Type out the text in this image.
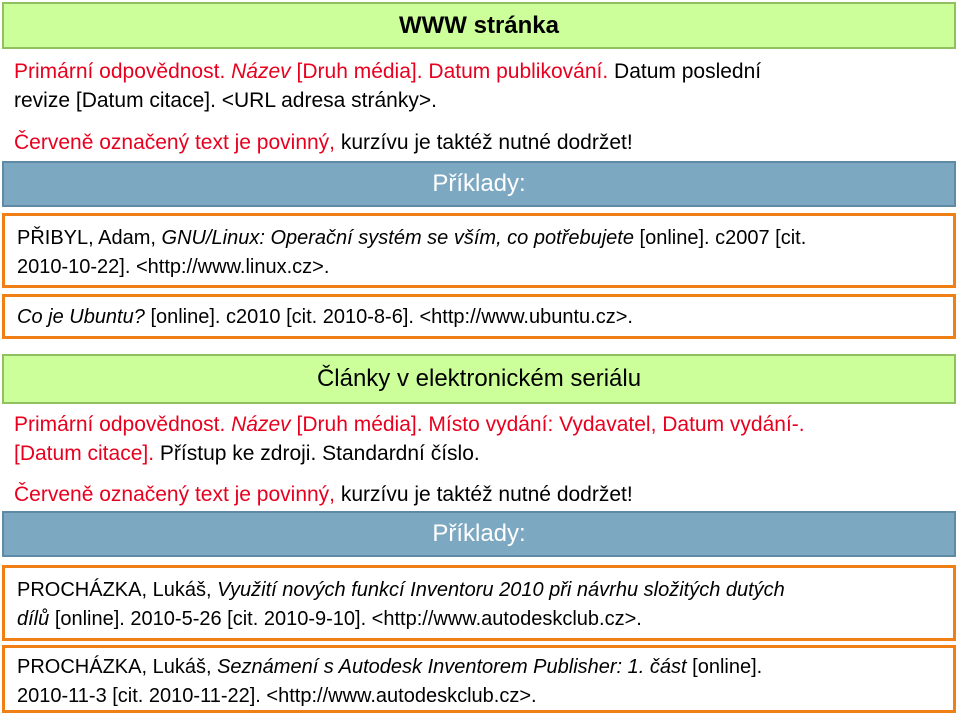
WWW stránka
Primární odpovědnost. Název [Druh média]. Datum publikování. Datum poslední
revize [Datum citace]. <URL adresa stránky>.
Červeně označený text je povinný, kurzívu je taktéž nutné dodržet!
Příklady:
PŘIBYL, Adam, GNU/Linux: Operační systém se vším, co potřebujete [online]. c2007 [cit.
2010-10-22]. <http://www.linux.cz>.
Co je Ubuntu? [online]. c2010 [cit. 2010-8-6]. <http://www.ubuntu.cz>.
Články v elektronickém seriálu
Primární odpovědnost. Název [Druh média]. Místo vydání: Vydavatel, Datum vydání-.
[Datum citace]. Přístup ke zdroji. Standardní číslo.
Červeně označený text je povinný, kurzívu je taktéž nutné dodržet!
Příklady:
PROCHÁZKA, Lukáš, Využití nových funkcí Inventoru 2010 při návrhu složitých dutých
dílů [online]. 2010-5-26 [cit. 2010-9-10]. <http://www.autodeskclub.cz>.
PROCHÁZKA, Lukáš, Seznámení s Autodesk Inventorem Publisher: 1. část [online].
2010-11-3 [cit. 2010-11-22]. <http://www.autodeskclub.cz>.
